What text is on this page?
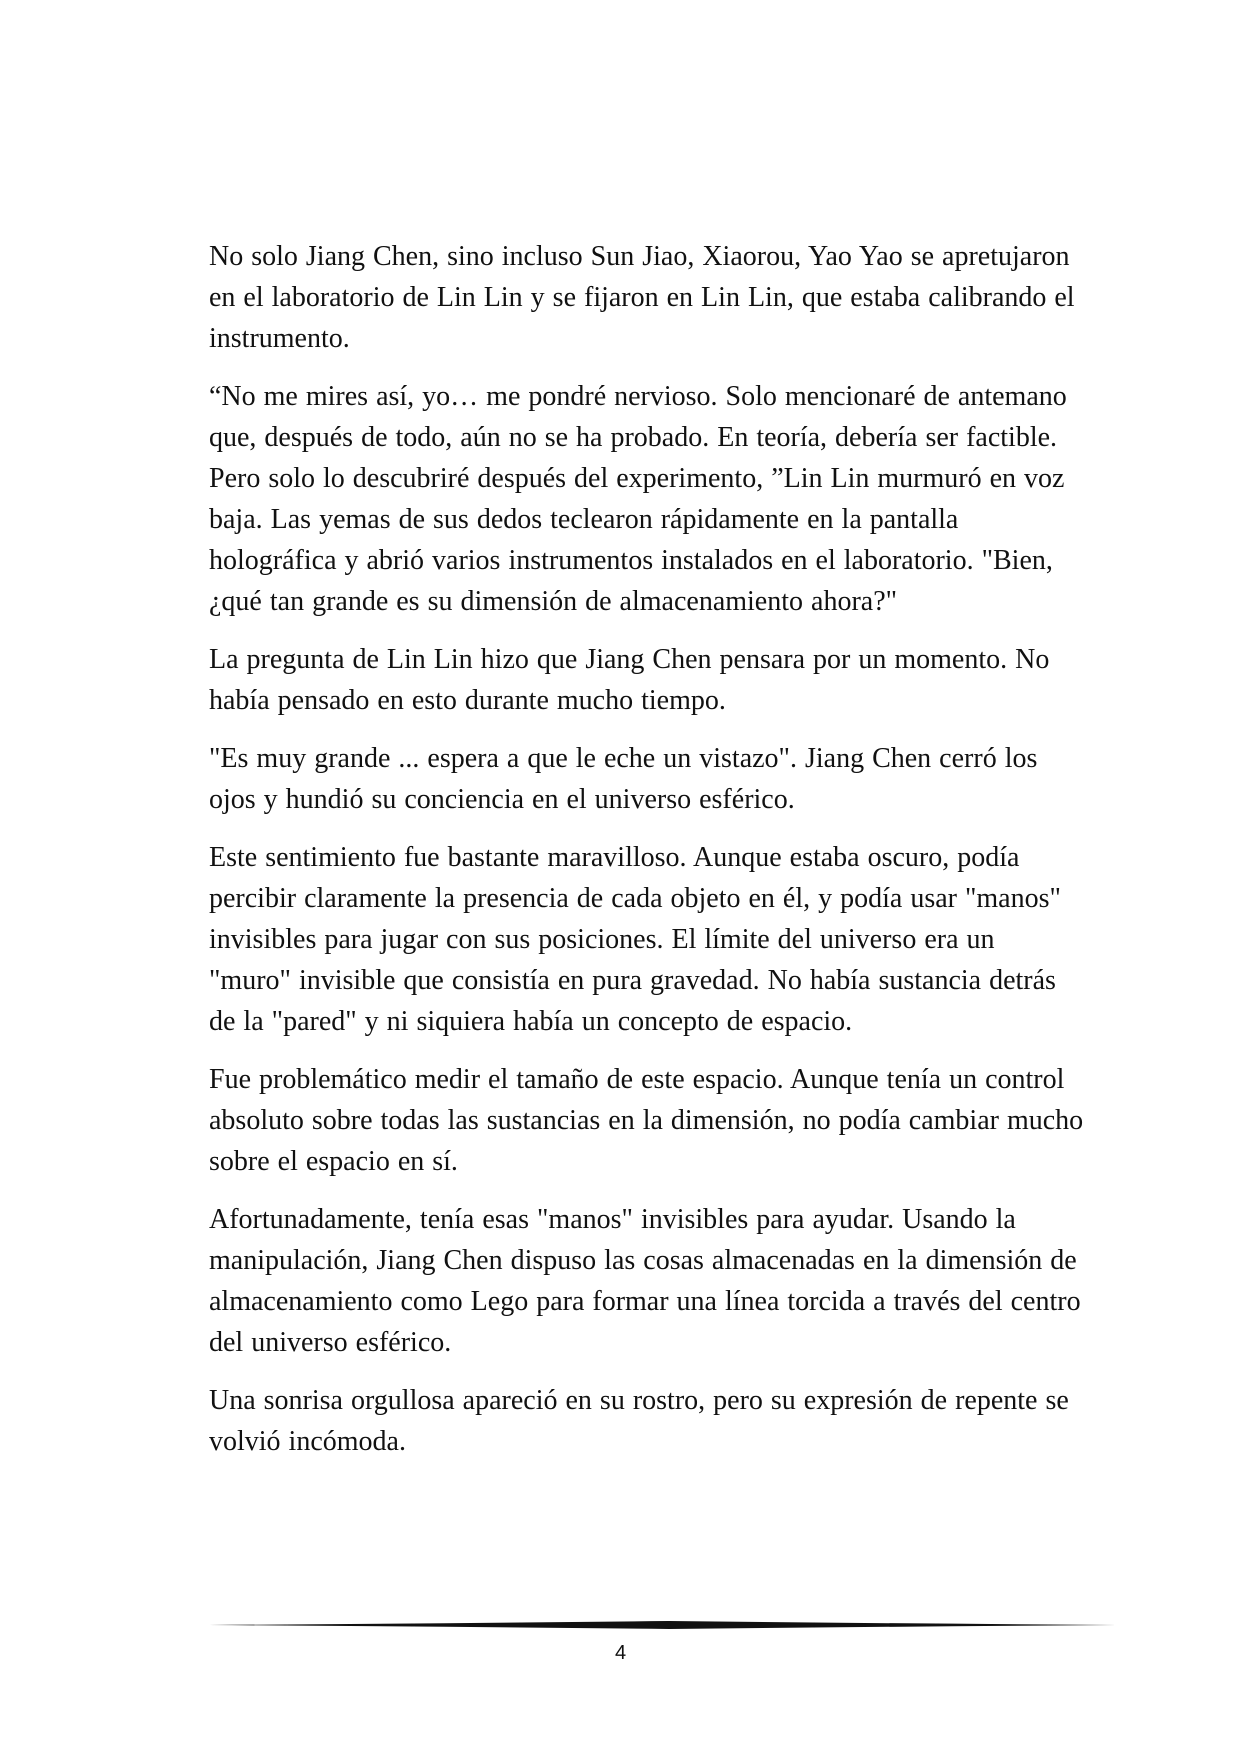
No solo Jiang Chen, sino incluso Sun Jiao, Xiaorou, Yao Yao se apretujaron en el laboratorio de Lin Lin y se fijaron en Lin Lin, que estaba calibrando el instrumento.

“No me mires así, yo… me pondré nervioso. Solo mencionaré de antemano que, después de todo, aún no se ha probado. En teoría, debería ser factible. Pero solo lo descubriré después del experimento, ”Lin Lin murmuró en voz baja. Las yemas de sus dedos teclearon rápidamente en la pantalla holográfica y abrió varios instrumentos instalados en el laboratorio. "Bien, ¿qué tan grande es su dimensión de almacenamiento ahora?"

La pregunta de Lin Lin hizo que Jiang Chen pensara por un momento. No había pensado en esto durante mucho tiempo.

"Es muy grande ... espera a que le eche un vistazo". Jiang Chen cerró los ojos y hundió su conciencia en el universo esférico.

Este sentimiento fue bastante maravilloso. Aunque estaba oscuro, podía percibir claramente la presencia de cada objeto en él, y podía usar "manos" invisibles para jugar con sus posiciones. El límite del universo era un "muro" invisible que consistía en pura gravedad. No había sustancia detrás de la "pared" y ni siquiera había un concepto de espacio.

Fue problemático medir el tamaño de este espacio. Aunque tenía un control absoluto sobre todas las sustancias en la dimensión, no podía cambiar mucho sobre el espacio en sí.

Afortunadamente, tenía esas "manos" invisibles para ayudar. Usando la manipulación, Jiang Chen dispuso las cosas almacenadas en la dimensión de almacenamiento como Lego para formar una línea torcida a través del centro del universo esférico.

Una sonrisa orgullosa apareció en su rostro, pero su expresión de repente se volvió incómoda.

4
